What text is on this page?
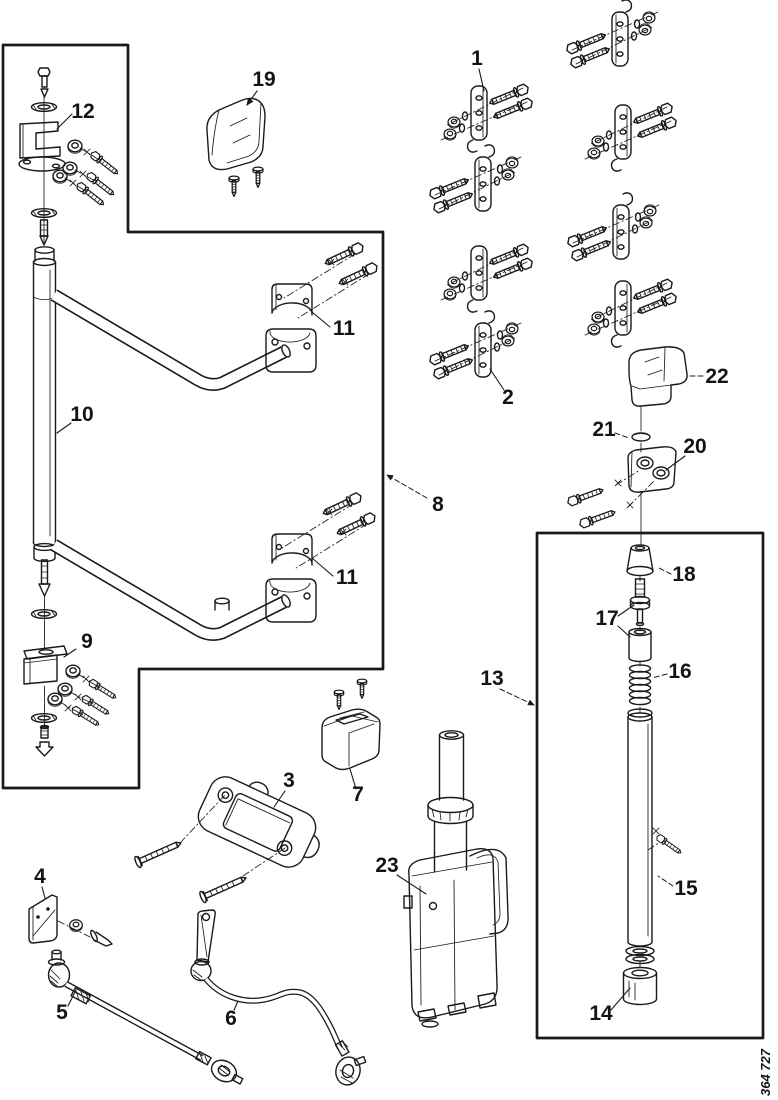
1
2
3
4
5	6
7
8
9
10
11
11
12
13
14
15
16
17
18
19
20
21
22
23
364 727
